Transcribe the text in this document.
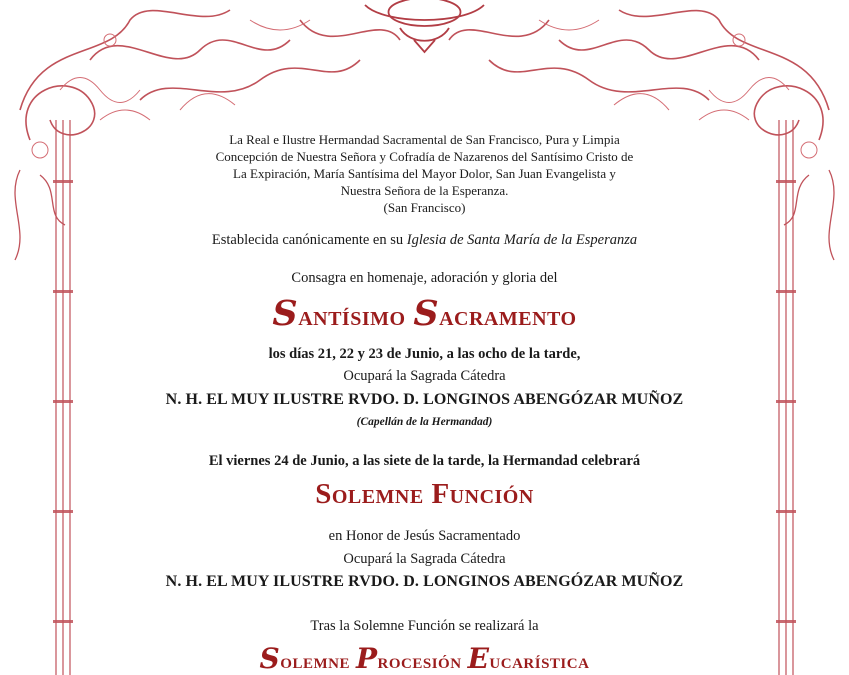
La Real e Ilustre Hermandad Sacramental de San Francisco, Pura y Limpia
Concepción de Nuestra Señora y Cofradía de Nazarenos del Santísimo Cristo de
La Expiración, María Santísima del Mayor Dolor, San Juan Evangelista y
Nuestra Señora de la Esperanza.
(San Francisco)
Establecida canónicamente en su Iglesia de Santa María de la Esperanza
Consagra en homenaje, adoración y gloria del
Santísimo Sacramento
los días 21, 22 y 23 de Junio, a las ocho de la tarde,
Ocupará la Sagrada Cátedra
N. H. EL MUY ILUSTRE RVDO. D. LONGINOS ABENGÓZAR MUÑOZ
(Capellán de la Hermandad)
El viernes 24 de Junio, a las siete de la tarde, la Hermandad celebrará
Solemne Función
en Honor de Jesús Sacramentado
Ocupará la Sagrada Cátedra
N. H. EL MUY ILUSTRE RVDO. D. LONGINOS ABENGÓZAR MUÑOZ
Tras la Solemne Función se realizará la
Solemne Procesión Eucarística
